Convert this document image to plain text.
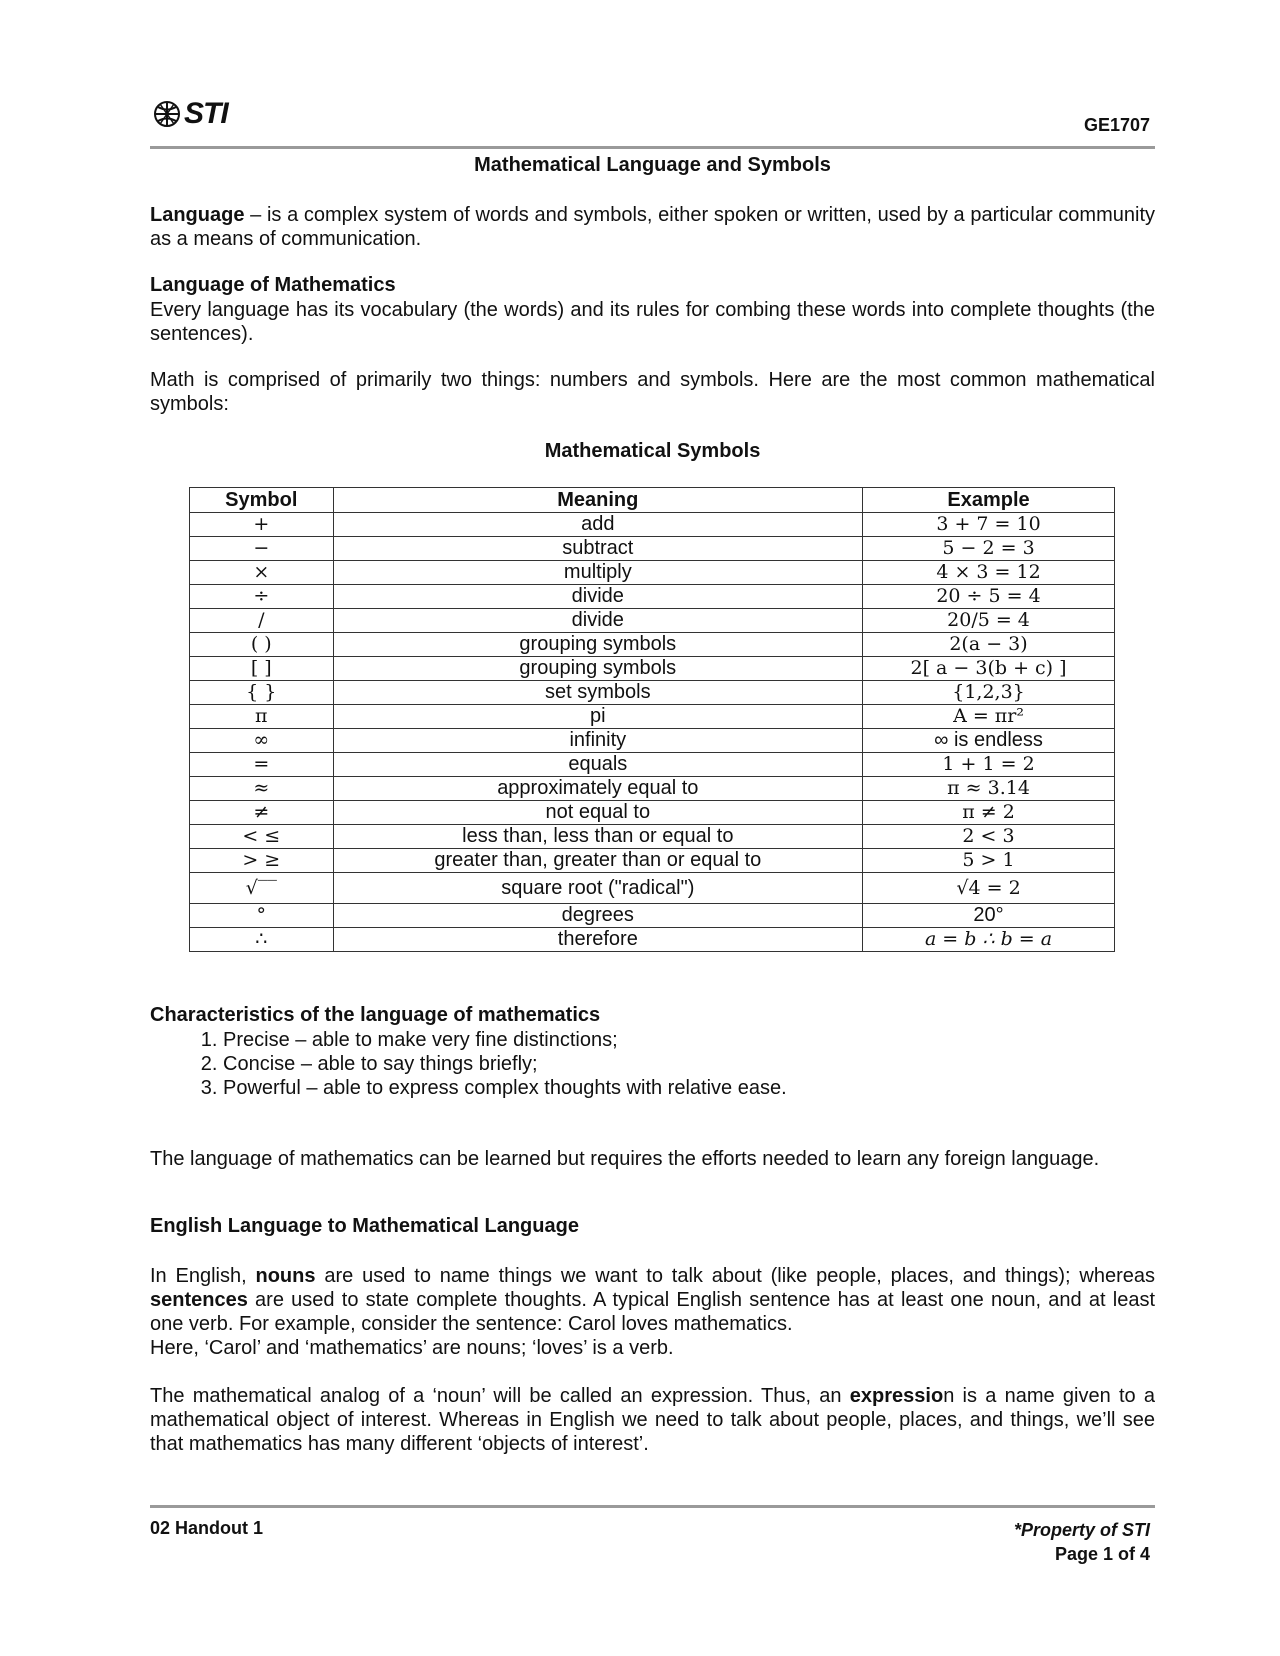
STI	GE1707
Mathematical Language and Symbols

Language – is a complex system of words and symbols, either spoken or written, used by a particular community as a means of communication.

Language of Mathematics

Every language has its vocabulary (the words) and its rules for combing these words into complete thoughts (the sentences).

Math is comprised of primarily two things: numbers and symbols. Here are the most common mathematical symbols:

Mathematical Symbols
Symbol	Meaning	Example
+	add	3 + 7 = 10
−	subtract	5 − 2 = 3
×	multiply	4 × 3 = 12
÷	divide	20 ÷ 5 = 4
/	divide	20/5 = 4
( )	grouping symbols	2(a − 3)
[ ]	grouping symbols	2[ a − 3(b + c) ]
{ }	set symbols	{1,2,3}
π	pi	A = πr²
∞	infinity	∞ is endless
=	equals	1 + 1 = 2
≈	approximately equal to	π ≈ 3.14
≠	not equal to	π ≠ 2
< ≤	less than, less than or equal to	2 < 3
> ≥	greater than, greater than or equal to	5 > 1
√‾‾	square root ("radical")	√4 = 2
°	degrees	20°
∴	therefore	a = b ∴ b = a
Characteristics of the language of mathematics
1. Precise – able to make very fine distinctions;
2. Concise – able to say things briefly;
3. Powerful – able to express complex thoughts with relative ease.

The language of mathematics can be learned but requires the efforts needed to learn any foreign language.

English Language to Mathematical Language

In English, nouns are used to name things we want to talk about (like people, places, and things); whereas sentences are used to state complete thoughts. A typical English sentence has at least one noun, and at least one verb. For example, consider the sentence: Carol loves mathematics.

Here, ‘Carol’ and ‘mathematics’ are nouns; ‘loves’ is a verb.

The mathematical analog of a ‘noun’ will be called an expression. Thus, an expression is a name given to a mathematical object of interest. Whereas in English we need to talk about people, places, and things, we’ll see that mathematics has many different ‘objects of interest’.

02 Handout 1	*Property of STI
Page 1 of 4
